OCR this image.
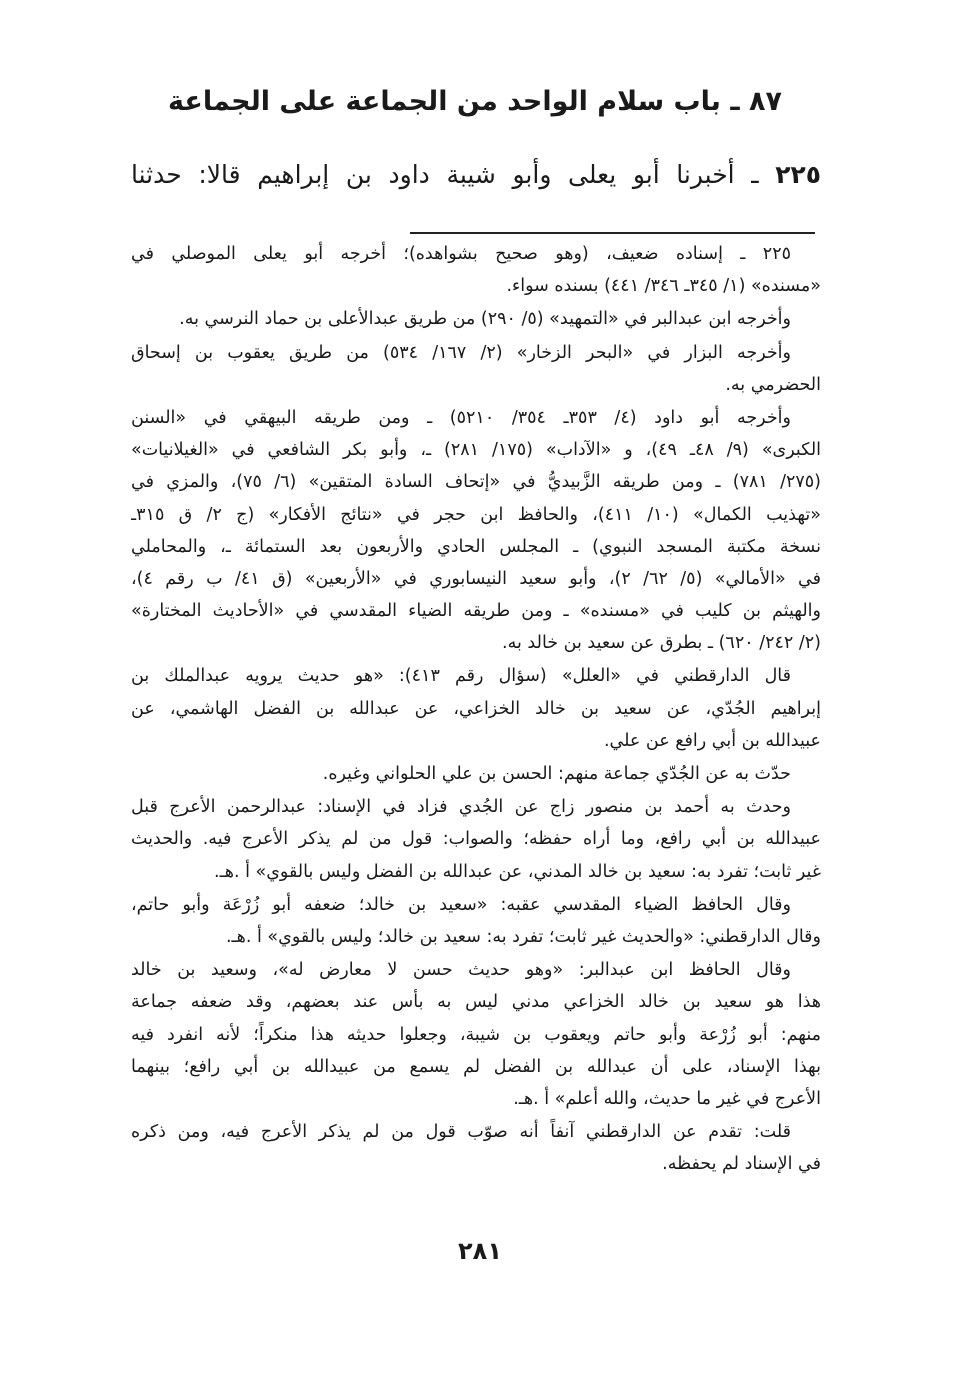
٨٧ ـ باب سلام الواحد من الجماعة على الجماعة
٢٢٥ ـ أخبرنا أبو يعلى وأبو شيبة داود بن إبراهيم قالا: حدثنا
٢٢٥ ـ إسناده ضعيف، (وهو صحيح بشواهده)؛ أخرجه أبو يعلى الموصلي في
«مسنده» (١/ ٣٤٥ـ ٣٤٦/ ٤٤١) بسنده سواء.
وأخرجه ابن عبدالبر في «التمهيد» (٥/ ٢٩٠) من طريق عبدالأعلى بن حماد النرسي به.
وأخرجه البزار في «البحر الزخار» (٢/ ١٦٧/ ٥٣٤) من طريق يعقوب بن إسحاق
الحضرمي به.
وأخرجه أبو داود (٤/ ٣٥٣ـ ٣٥٤/ ٥٢١٠) ـ ومن طريقه البيهقي في «السنن
الكبرى» (٩/ ٤٨ـ ٤٩)، و «الآداب» (١٧٥/ ٢٨١) ـ، وأبو بكر الشافعي في «الغيلانيات»
(٢٧٥/ ٧٨١) ـ ومن طريقه الزَّبيديُّ في «إتحاف السادة المتقين» (٦/ ٧٥)، والمزي في
«تهذيب الكمال» (١٠/ ٤١١)، والحافظ ابن حجر في «نتائج الأفكار» (ج ٢/ ق ٣١٥ـ
نسخة مكتبة المسجد النبوي) ـ المجلس الحادي والأربعون بعد الستمائة ـ، والمحاملي
في «الأمالي» (٥/ ٦٢/ ٢)، وأبو سعيد النيسابوري في «الأربعين» (ق ٤١/ ب رقم ٤)،
والهيثم بن كليب في «مسنده» ـ ومن طريقه الضياء المقدسي في «الأحاديث المختارة»
(٢/ ٢٤٢/ ٦٢٠) ـ بطرق عن سعيد بن خالد به.
قال الدارقطني في «العلل» (سؤال رقم ٤١٣): «هو حديث يرويه عبدالملك بن
إبراهيم الجُدّي، عن سعيد بن خالد الخزاعي، عن عبدالله بن الفضل الهاشمي، عن
عبيدالله بن أبي رافع عن علي.
حدّث به عن الجُدّي جماعة منهم: الحسن بن علي الحلواني وغيره.
وحدث به أحمد بن منصور زاج عن الجُدي فزاد في الإسناد: عبدالرحمن الأعرج قبل
عبيدالله بن أبي رافع، وما أراه حفظه؛ والصواب: قول من لم يذكر الأعرج فيه. والحديث
غير ثابت؛ تفرد به: سعيد بن خالد المدني، عن عبدالله بن الفضل وليس بالقوي» أ .هـ.
وقال الحافظ الضياء المقدسي عقبه: «سعيد بن خالد؛ ضعفه أبو زُرْعَة وأبو حاتم،
وقال الدارقطني: «والحديث غير ثابت؛ تفرد به: سعيد بن خالد؛ وليس بالقوي» أ .هـ.
وقال الحافظ ابن عبدالبر: «وهو حديث حسن لا معارض له»، وسعيد بن خالد
هذا هو سعيد بن خالد الخزاعي مدني ليس به بأس عند بعضهم، وقد ضعفه جماعة
منهم: أبو زُرْعة وأبو حاتم ويعقوب بن شيبة، وجعلوا حديثه هذا منكراً؛ لأنه انفرد فيه
بهذا الإسناد، على أن عبدالله بن الفضل لم يسمع من عبيدالله بن أبي رافع؛ بينهما
الأعرج في غير ما حديث، والله أعلم» أ .هـ.
قلت: تقدم عن الدارقطني آنفاً أنه صوّب قول من لم يذكر الأعرج فيه، ومن ذكره
في الإسناد لم يحفظه.
٢٨١
